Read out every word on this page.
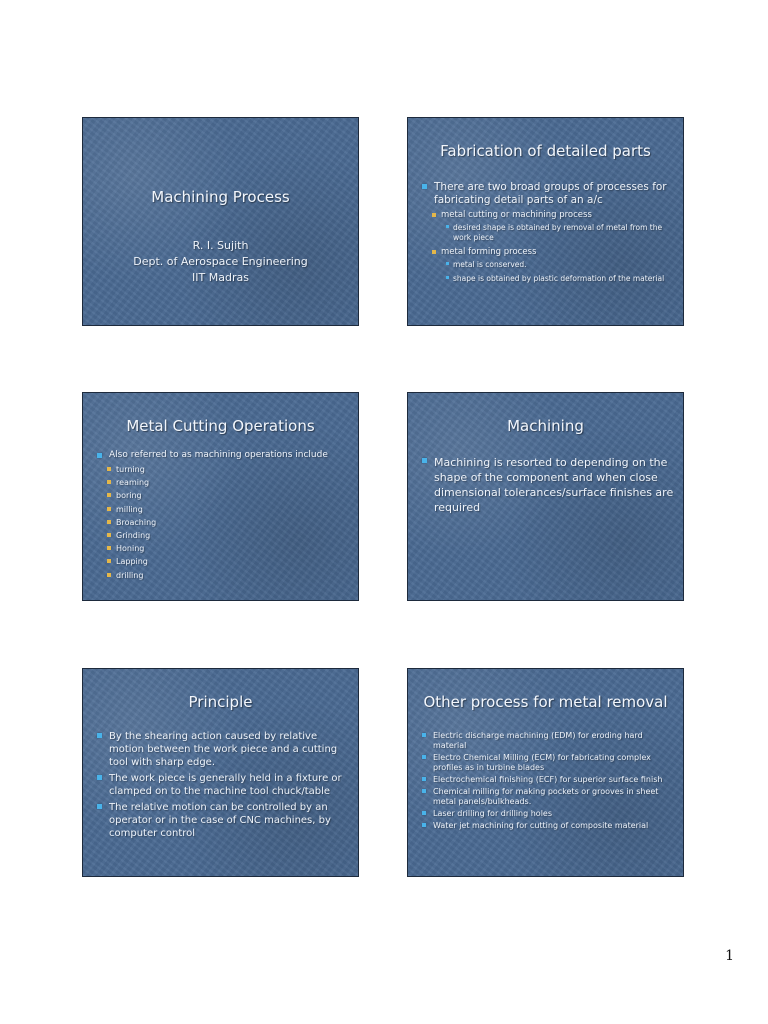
Machining Process
R. I. Sujith
Dept. of Aerospace Engineering
IIT Madras
Fabrication of detailed parts
There are two broad groups of processes for fabricating detail parts of an a/c
metal cutting or machining process
desired shape is obtained by removal of metal from the work piece
metal forming process
metal is conserved.
shape is obtained by plastic deformation of the material
Metal Cutting Operations
Also referred to as machining operations include
turning
reaming
boring
milling
Broaching
Grinding
Honing
Lapping
drilling
Machining
Machining is resorted to depending on the shape of the component and when close dimensional tolerances/surface finishes are required
Principle
By the shearing action caused by relative motion between the work piece and a cutting tool with sharp edge.
The work piece is generally held in a fixture or clamped on to the machine tool chuck/table
The relative motion can be controlled by an operator or in the case of CNC machines, by computer control
Other process for metal removal
Electric discharge machining (EDM) for eroding hard material
Electro Chemical Milling (ECM) for fabricating complex profiles as in turbine blades
Electrochemical finishing (ECF) for superior surface finish
Chemical milling for making pockets or grooves in sheet metal panels/bulkheads.
Laser drilling for drilling holes
Water jet machining for cutting of composite material
1
